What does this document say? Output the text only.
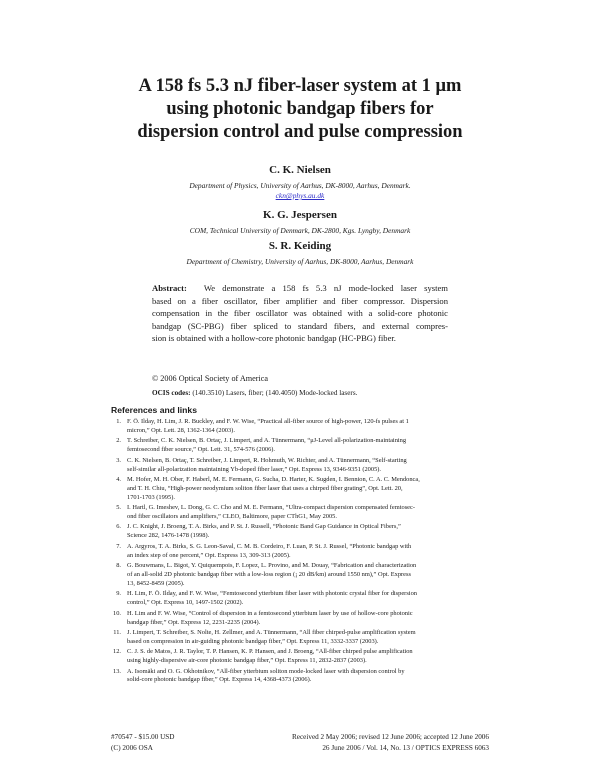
A 158 fs 5.3 nJ fiber-laser system at 1 μm
using photonic bandgap fibers for
dispersion control and pulse compression
C. K. Nielsen
Department of Physics, University of Aarhus, DK-8000, Aarhus, Denmark.
ckn@phys.au.dk
K. G. Jespersen
COM, Technical University of Denmark, DK-2800, Kgs. Lyngby, Denmark
S. R. Keiding
Department of Chemistry, University of Aarhus, DK-8000, Aarhus, Denmark
Abstract: We demonstrate a 158 fs 5.3 nJ mode-locked laser system
based on a fiber oscillator, fiber amplifier and fiber compressor. Dispersion
compensation in the fiber oscillator was obtained with a solid-core photonic
bandgap (SC-PBG) fiber spliced to standard fibers, and external compres-
sion is obtained with a hollow-core photonic bandgap (HC-PBG) fiber.
© 2006 Optical Society of America
OCIS codes: (140.3510) Lasers, fiber; (140.4050) Mode-locked lasers.
References and links
1. F. Ö. Ilday, H. Lim, J. R. Buckley, and F. W. Wise, “Practical all-fiber source of high-power, 120-fs pulses at 1
micron,” Opt. Lett. 28, 1362-1364 (2003).
2. T. Schreiber, C. K. Nielsen, B. Ortaç, J. Limpert, and A. Tünnermann, “μJ-Level all-polarization-maintaining
femtosecond fiber source,” Opt. Lett. 31, 574-576 (2006).
3. C. K. Nielsen, B. Ortaç, T. Schreiber, J. Limpert, R. Hohmuth, W. Richter, and A. Tünnermann, “Self-starting
self-similar all-polarization maintaining Yb-doped fiber laser,” Opt. Express 13, 9346-9351 (2005).
4. M. Hofer, M. H. Ober, F. Haberl, M. E. Fermann, G. Sucha, D. Harter, K. Sugden, I. Bennion, C. A. C. Mendonca,
and T. H. Chiu, “High-power neodymium soliton fiber laser that uses a chirped fiber grating”, Opt. Lett. 20,
1701-1703 (1995).
5. I. Hartl, G. Imeshev, L. Dong, G. C. Cho and M. E. Fermann, “Ultra-compact dispersion compensated femtosec-
ond fiber oscillators and amplifiers,” CLEO, Baltimore, paper CThG1, May 2005.
6. J. C. Knight, J. Broeng, T. A. Birks, and P. St. J. Russell, “Photonic Band Gap Guidance in Optical Fibers,”
Science 282, 1476-1478 (1998).
7. A. Argyros, T. A. Birks, S. G. Leon-Saval, C. M. B. Cordeiro, F. Luan, P. St. J. Russel, “Photonic bandgap with
an index step of one percent,” Opt. Express 13, 309-313 (2005).
8. G. Bouwmans, L. Bigot, Y. Quiquempois, F. Lopez, L. Provino, and M. Douay, “Fabrication and characterization
of an all-solid 2D photonic bandgap fiber with a low-loss region (¡ 20 dB/km) around 1550 nm),” Opt. Express
13, 8452-8459 (2005).
9. H. Lim, F. Ö. Ilday, and F. W. Wise, “Femtosecond ytterbium fiber laser with photonic crystal fiber for dispersion
control,” Opt. Express 10, 1497-1502 (2002).
10. H. Lim and F. W. Wise, “Control of dispersion in a femtosecond ytterbium laser by use of hollow-core photonic
bandgap fiber,” Opt. Express 12, 2231-2235 (2004).
11. J. Limpert, T. Schreiber, S. Nolte, H. Zellmer, and A. Tünnermann, “All fiber chirped-pulse amplification system
based on compression in air-guiding photonic bandgap fiber,” Opt. Express 11, 3332-3337 (2003).
12. C. J. S. de Matos, J. R. Taylor, T. P. Hansen, K. P. Hansen, and J. Broeng, “All-fiber chirped pulse amplification
using highly-dispersive air-core photonic bandgap fiber,” Opt. Express 11, 2832-2837 (2003).
13. A. Isomäki and O. G. Okhotnikov, “All-fiber ytterbium soliton mode-locked laser with dispersion control by
solid-core photonic bandgap fiber,” Opt. Express 14, 4368-4373 (2006).
#70547 - $15.00 USD	Received 2 May 2006; revised 12 June 2006; accepted 12 June 2006
(C) 2006 OSA	26 June 2006 / Vol. 14, No. 13 / OPTICS EXPRESS 6063
